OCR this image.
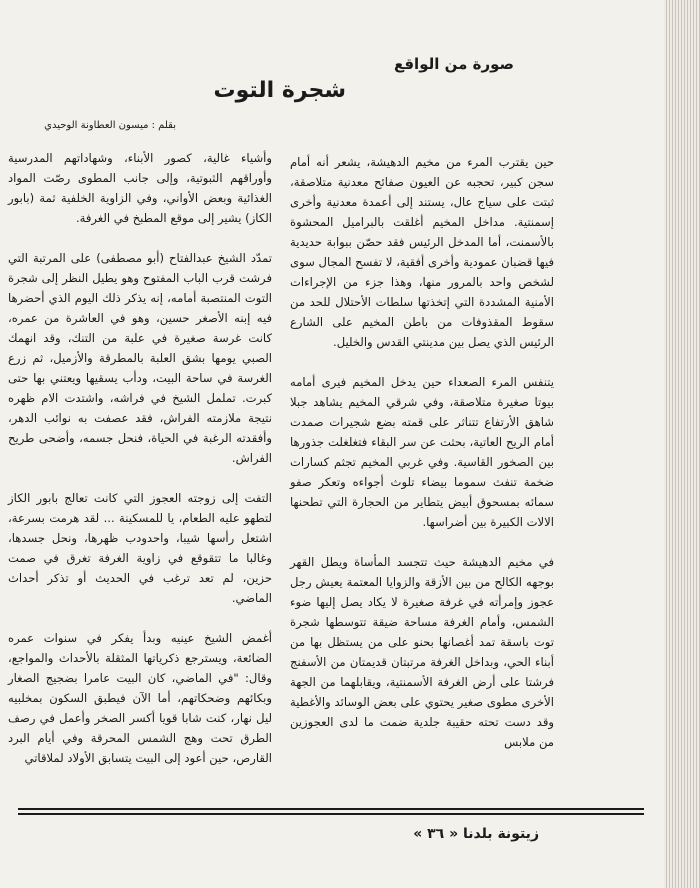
صورة من الواقع
شجرة التوت
بقلم : ميسون العطاونة الوحيدي

حين يقترب المرء من مخيم الدهيشة، يشعر أنه أمام سجن كبير، تحجبه عن العيون صفائح معدنية متلاصقة، ثبتت على سياج عال، يستند إلى أعمدة معدنية وأخرى إسمنتية. مداخل المخيم أغلقت بالبراميل المحشوة بالأسمنت، أما المدخل الرئيس فقد حصّن ببوابة حديدية فيها قضبان عمودية وأخرى أفقية، لا تفسح المجال سوى لشخص واحد بالمرور منها، وهذا جزء من الإجراءات الأمنية المشددة التي إتخذتها سلطات الأحتلال للحد من سقوط المقذوفات من باطن المخيم على الشارع الرئيس الذي يصل بين مدينتي القدس والخليل.

يتنفس المرء الصعداء حين يدخل المخيم فيرى أمامه بيوتا صغيرة متلاصقة، وفي شرقي المخيم يشاهد جبلا شاهق الأرتفاع تتناثر على قمته بضع شجيرات صمدت أمام الريح العاتية، بحثت عن سر البقاء فتغلغلت جذورها بين الصخور القاسية. وفي غربي المخيم تجثم كسارات ضخمة تنفث سموما بيضاء تلوث أجواءه وتعكر صفو سمائه بمسحوق أبيض يتطاير من الحجارة التي تطحنها الالات الكبيرة بين أضراسها.

في مخيم الدهيشة حيث تتجسد المأساة ويطل القهر بوجهه الكالح من بين الأزقة والزوايا المعتمة يعيش رجل عجوز وإمرأته في غرفة صغيرة لا يكاد يصل إليها ضوء الشمس، وأمام الغرفة مساحة ضيقة تتوسطها شجرة توت باسقة تمد أغصانها بحنو على من يستظل بها من أبناء الحي، وبداخل الغرفة مرتبتان قديمتان من الأسفنج فرشتا على أرض الغرفة الأسمنتية، ويقابلهما من الجهة الأخرى مطوى صغير يحتوي على بعض الوسائد والأغطية وقد دست تحته حقيبة جلدية ضمت ما لدى العجوزين من ملابس

وأشياء غالية، كصور الأبناء، وشهاداتهم المدرسية وأوراقهم الثبوتية، وإلى جانب المطوى رصّت المواد الغذائية وبعض الأواني، وفي الزاوية الخلفية ثمة (بابور الكاز) يشير إلى موقع المطبخ في الغرفة.

تمدّد الشيخ عبدالفتاح (أبو مصطفى) على المرتبة التي فرشت قرب الباب المفتوح وهو يطيل النظر إلى شجرة التوت المنتصبة أمامه، إنه يذكر ذلك اليوم الذي أحضرها فيه إبنه الأصغر حسين، وهو في العاشرة من عمره، كانت غرسة صغيرة في علبة من التنك، وقد انهمك الصبي يومها بشق العلبة بالمطرقة والأزميل، ثم زرع الغرسة في ساحة البيت، ودأب يسقيها ويعتني بها حتى كبرت. تململ الشيخ في فراشه، واشتدت الام ظهره نتيجة ملازمته الفراش، فقد عصفت به نوائب الدهر، وأفقدته الرغبة في الحياة، فنحل جسمه، وأضحى طريح الفراش.

التفت إلى زوجته العجوز التي كانت تعالج بابور الكاز لتطهو عليه الطعام، يا للمسكينة ... لقد هرمت بسرعة، اشتعل رأسها شيبا، واحدودب ظهرها، ونحل جسدها، وغالبا ما تتقوقع في زاوية الغرفة تغرق في صمت حزين، لم تعد ترغب في الحديث أو تذكر أحداث الماضي.

أغمض الشيخ عينيه وبدأ يفكر في سنوات عمره الضائعة، ويسترجع ذكرياتها المثقلة بالأحداث والمواجع، وقال: "في الماضي، كان البيت عامرا بضجيج الصغار وبكائهم وضحكاتهم، أما الآن فيطبق السكون بمخلبيه ليل نهار، كنت شابا قويا أكسر الصخر وأعمل في رصف الطرق تحت وهج الشمس المحرقة وفي أيام البرد القارص، حين أعود إلى البيت يتسابق الأولاد لملاقاتي

زيتونة بلدنا « ٣٦ »
